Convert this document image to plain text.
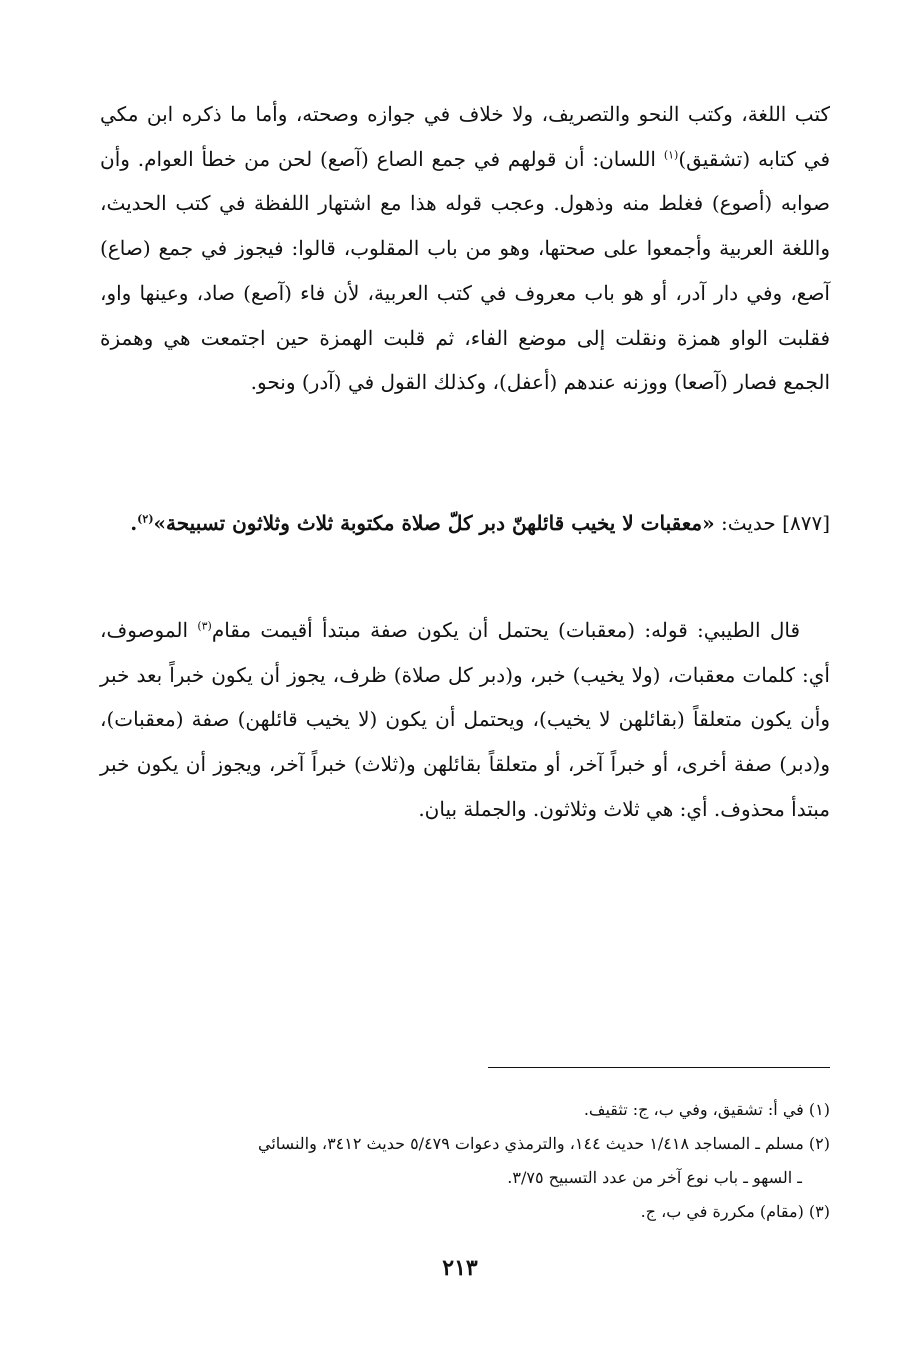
كتب اللغة، وكتب النحو والتصريف، ولا خلاف في جوازه وصحته، وأما ما ذكره ابن مكي في كتابه (تشقيق)$^{(١)}$ اللسان: أن قولهم في جمع الصاع (آصع) لحن من خطأ العوام. وأن صوابه (أصوع) فغلط منه وذهول. وعجب قوله هذا مع اشتهار اللفظة في كتب الحديث، واللغة العربية وأجمعوا على صحتها، وهو من باب المقلوب، قالوا: فيجوز في جمع (صاع) آصع، وفي دار آدر، أو هو باب معروف في كتب العربية، لأن فاء (آصع) صاد، وعينها واو، فقلبت الواو همزة ونقلت إلى موضع الفاء، ثم قلبت الهمزة حين اجتمعت هي وهمزة الجمع فصار (آصعا) ووزنه عندهم (أعفل)، وكذلك القول في (آدر) ونحو.

[٨٧٧] حديث: «معقبات لا يخيب قائلهنّ دبر كلّ صلاة مكتوبة ثلاث وثلاثون تسبيحة»$^{(٢)}$.

قال الطيبي: قوله: (معقبات) يحتمل أن يكون صفة مبتدأ أقيمت مقام$^{(٣)}$ الموصوف، أي: كلمات معقبات، (ولا يخيب) خبر، و(دبر كل صلاة) ظرف، يجوز أن يكون خبراً بعد خبر وأن يكون متعلقاً (بقائلهن لا يخيب)، ويحتمل أن يكون (لا يخيب قائلهن) صفة (معقبات)، و(دبر) صفة أخرى، أو خبراً آخر، أو متعلقاً بقائلهن و(ثلاث) خبراً آخر، ويجوز أن يكون خبر مبتدأ محذوف. أي: هي ثلاث وثلاثون. والجملة بيان.

(١) في أ: تشقيق، وفي ب، ج: تثقيف.

(٢) مسلم ـ المساجد ١/٤١٨ حديث ١٤٤، والترمذي دعوات ٥/٤٧٩ حديث ٣٤١٢، والنسائي

ـ السهو ـ باب نوع آخر من عدد التسبيح ٣/٧٥.

(٣) (مقام) مكررة في ب، ج.

٢١٣
